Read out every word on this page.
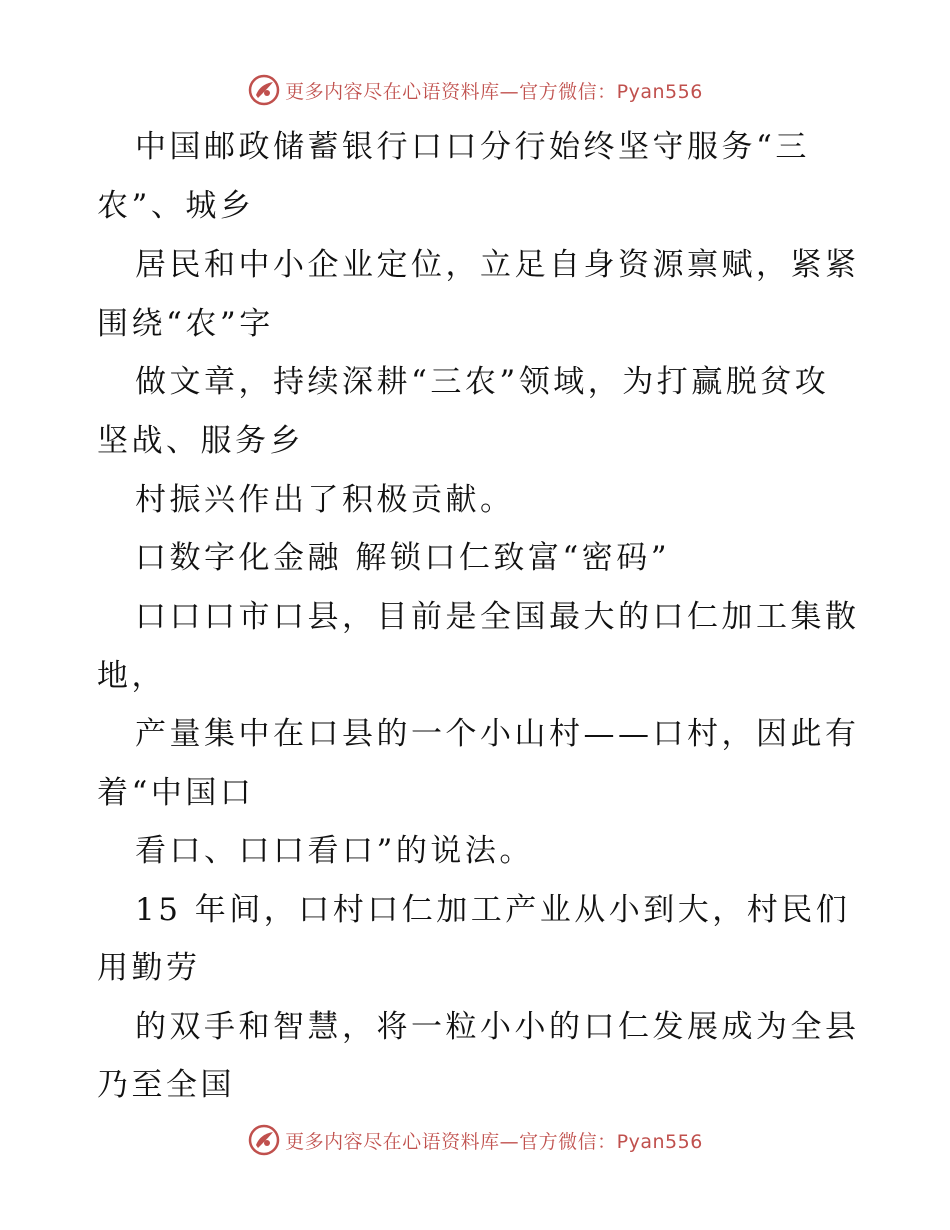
更多内容尽在心语资料库—官方微信：Pyan556
中国邮政储蓄银行口口分行始终坚守服务“三
农”、城乡
居民和中小企业定位，立足自身资源禀赋，紧紧
围绕“农”字
做文章，持续深耕“三农”领域，为打赢脱贫攻
坚战、服务乡
村振兴作出了积极贡献。
口数字化金融 解锁口仁致富“密码”
口口口市口县，目前是全国最大的口仁加工集散
地，
产量集中在口县的一个小山村——口村，因此有
着“中国口
看口、口口看口”的说法。
15 年间，口村口仁加工产业从小到大，村民们
用勤劳
的双手和智慧，将一粒小小的口仁发展成为全县
乃至全国
更多内容尽在心语资料库—官方微信：Pyan556
